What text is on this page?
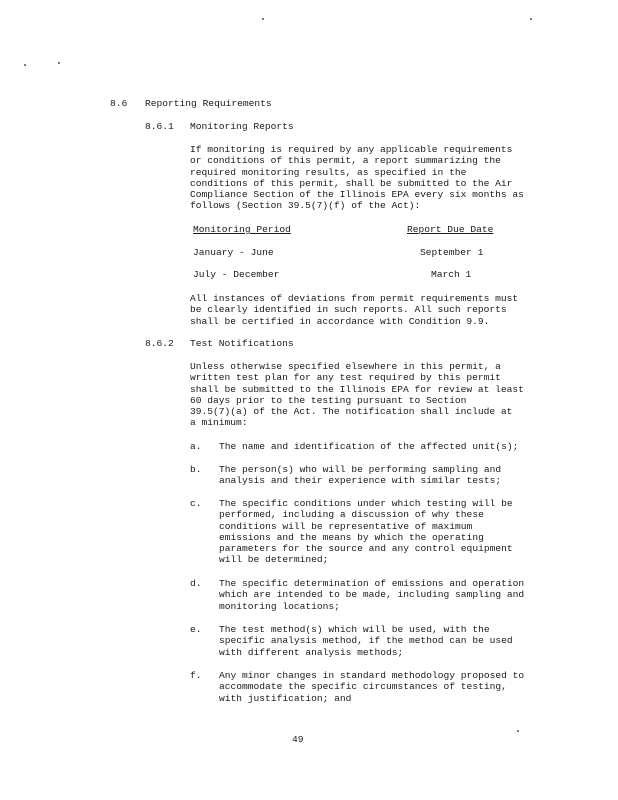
8.6 Reporting Requirements
8.6.1 Monitoring Reports
If monitoring is required by any applicable requirements
or conditions of this permit, a report summarizing the
required monitoring results, as specified in the
conditions of this permit, shall be submitted to the Air
Compliance Section of the Illinois EPA every six months as
follows (Section 39.5(7)(f) of the Act):
Monitoring Period	Report Due Date
January - June	September 1
July - December	March 1
All instances of deviations from permit requirements must
be clearly identified in such reports. All such reports
shall be certified in accordance with Condition 9.9.
8.6.2 Test Notifications
Unless otherwise specified elsewhere in this permit, a
written test plan for any test required by this permit
shall be submitted to the Illinois EPA for review at least
60 days prior to the testing pursuant to Section
39.5(7)(a) of the Act. The notification shall include at
a minimum:
a. The name and identification of the affected unit(s);
b. The person(s) who will be performing sampling and
analysis and their experience with similar tests;
c. The specific conditions under which testing will be
performed, including a discussion of why these
conditions will be representative of maximum
emissions and the means by which the operating
parameters for the source and any control equipment
will be determined;
d. The specific determination of emissions and operation
which are intended to be made, including sampling and
monitoring locations;
e. The test method(s) which will be used, with the
specific analysis method, if the method can be used
with different analysis methods;
f. Any minor changes in standard methodology proposed to
accommodate the specific circumstances of testing,
with justification; and
49
